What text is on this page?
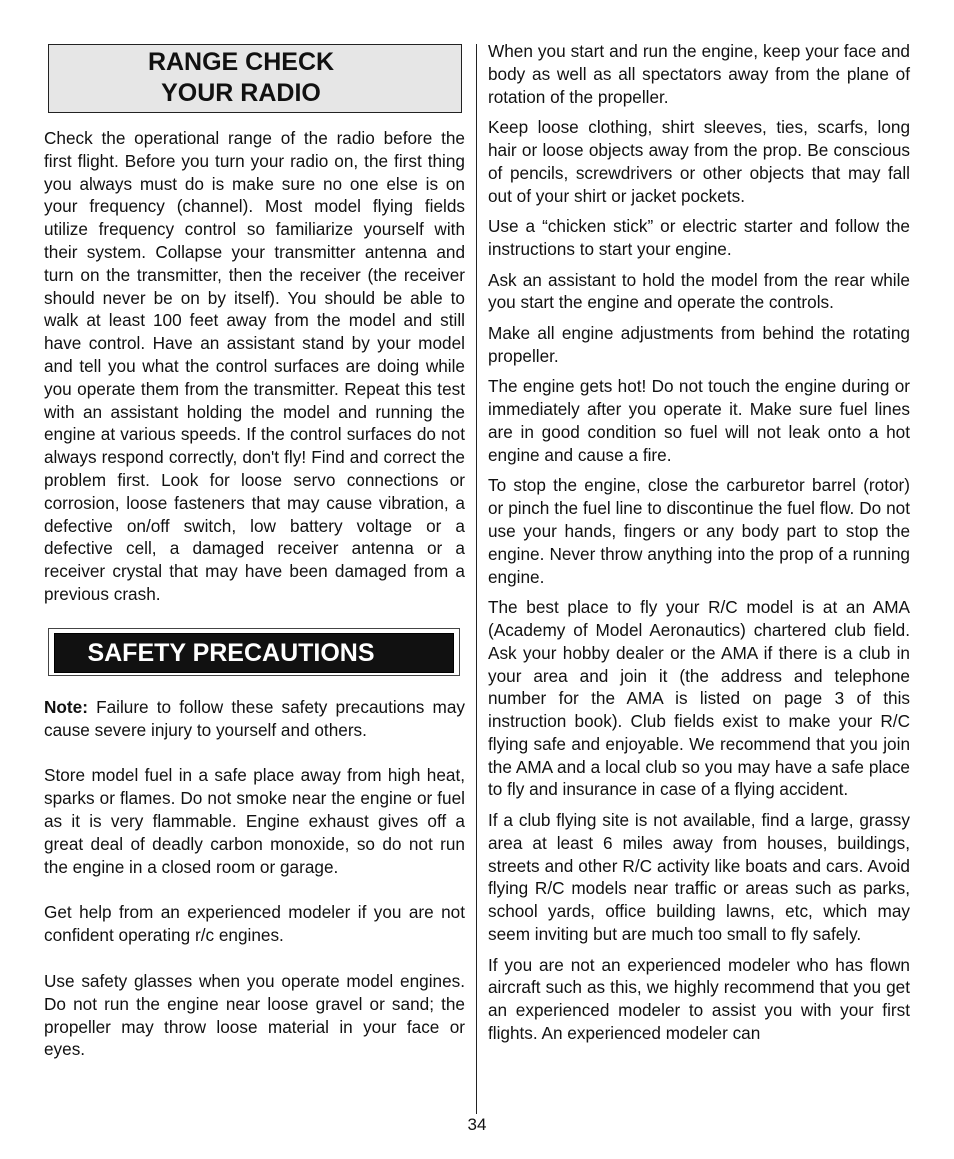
RANGE CHECK
YOUR RADIO

Check the operational range of the radio before the first flight. Before you turn your radio on, the first thing you always must do is make sure no one else is on your frequency (channel). Most model flying fields utilize frequency control so familiarize yourself with their system. Collapse your transmitter antenna and turn on the transmitter, then the receiver (the receiver should never be on by itself). You should be able to walk at least 100 feet away from the model and still have control. Have an assistant stand by your model and tell you what the control surfaces are doing while you operate them from the transmitter. Repeat this test with an assistant holding the model and running the engine at various speeds. If the control surfaces do not always respond correctly, don't fly! Find and correct the problem first. Look for loose servo connections or corrosion, loose fasteners that may cause vibration, a defective on/off switch, low battery voltage or a defective cell, a damaged receiver antenna or a receiver crystal that may have been damaged from a previous crash.

SAFETY PRECAUTIONS

Note: Failure to follow these safety precautions may cause severe injury to yourself and others.

Store model fuel in a safe place away from high heat, sparks or flames. Do not smoke near the engine or fuel as it is very flammable. Engine exhaust gives off a great deal of deadly carbon monoxide, so do not run the engine in a closed room or garage.

Get help from an experienced modeler if you are not confident operating r/c engines.

Use safety glasses when you operate model engines. Do not run the engine near loose gravel or sand; the propeller may throw loose material in your face or eyes.

When you start and run the engine, keep your face and body as well as all spectators away from the plane of rotation of the propeller.

Keep loose clothing, shirt sleeves, ties, scarfs, long hair or loose objects away from the prop. Be conscious of pencils, screwdrivers or other objects that may fall out of your shirt or jacket pockets.

Use a “chicken stick” or electric starter and follow the instructions to start your engine.

Ask an assistant to hold the model from the rear while you start the engine and operate the controls.

Make all engine adjustments from behind the rotating propeller.

The engine gets hot! Do not touch the engine during or immediately after you operate it. Make sure fuel lines are in good condition so fuel will not leak onto a hot engine and cause a fire.

To stop the engine, close the carburetor barrel (rotor) or pinch the fuel line to discontinue the fuel flow. Do not use your hands, fingers or any body part to stop the engine. Never throw anything into the prop of a running engine.

The best place to fly your R/C model is at an AMA (Academy of Model Aeronautics) chartered club field. Ask your hobby dealer or the AMA if there is a club in your area and join it (the address and telephone number for the AMA is listed on page 3 of this instruction book). Club fields exist to make your R/C flying safe and enjoyable. We recommend that you join the AMA and a local club so you may have a safe place to fly and insurance in case of a flying accident.

If a club flying site is not available, find a large, grassy area at least 6 miles away from houses, buildings, streets and other R/C activity like boats and cars. Avoid flying R/C models near traffic or areas such as parks, school yards, office building lawns, etc, which may seem inviting but are much too small to fly safely.

If you are not an experienced modeler who has flown aircraft such as this, we highly recommend that you get an experienced modeler to assist you with your first flights. An experienced modeler can

34
